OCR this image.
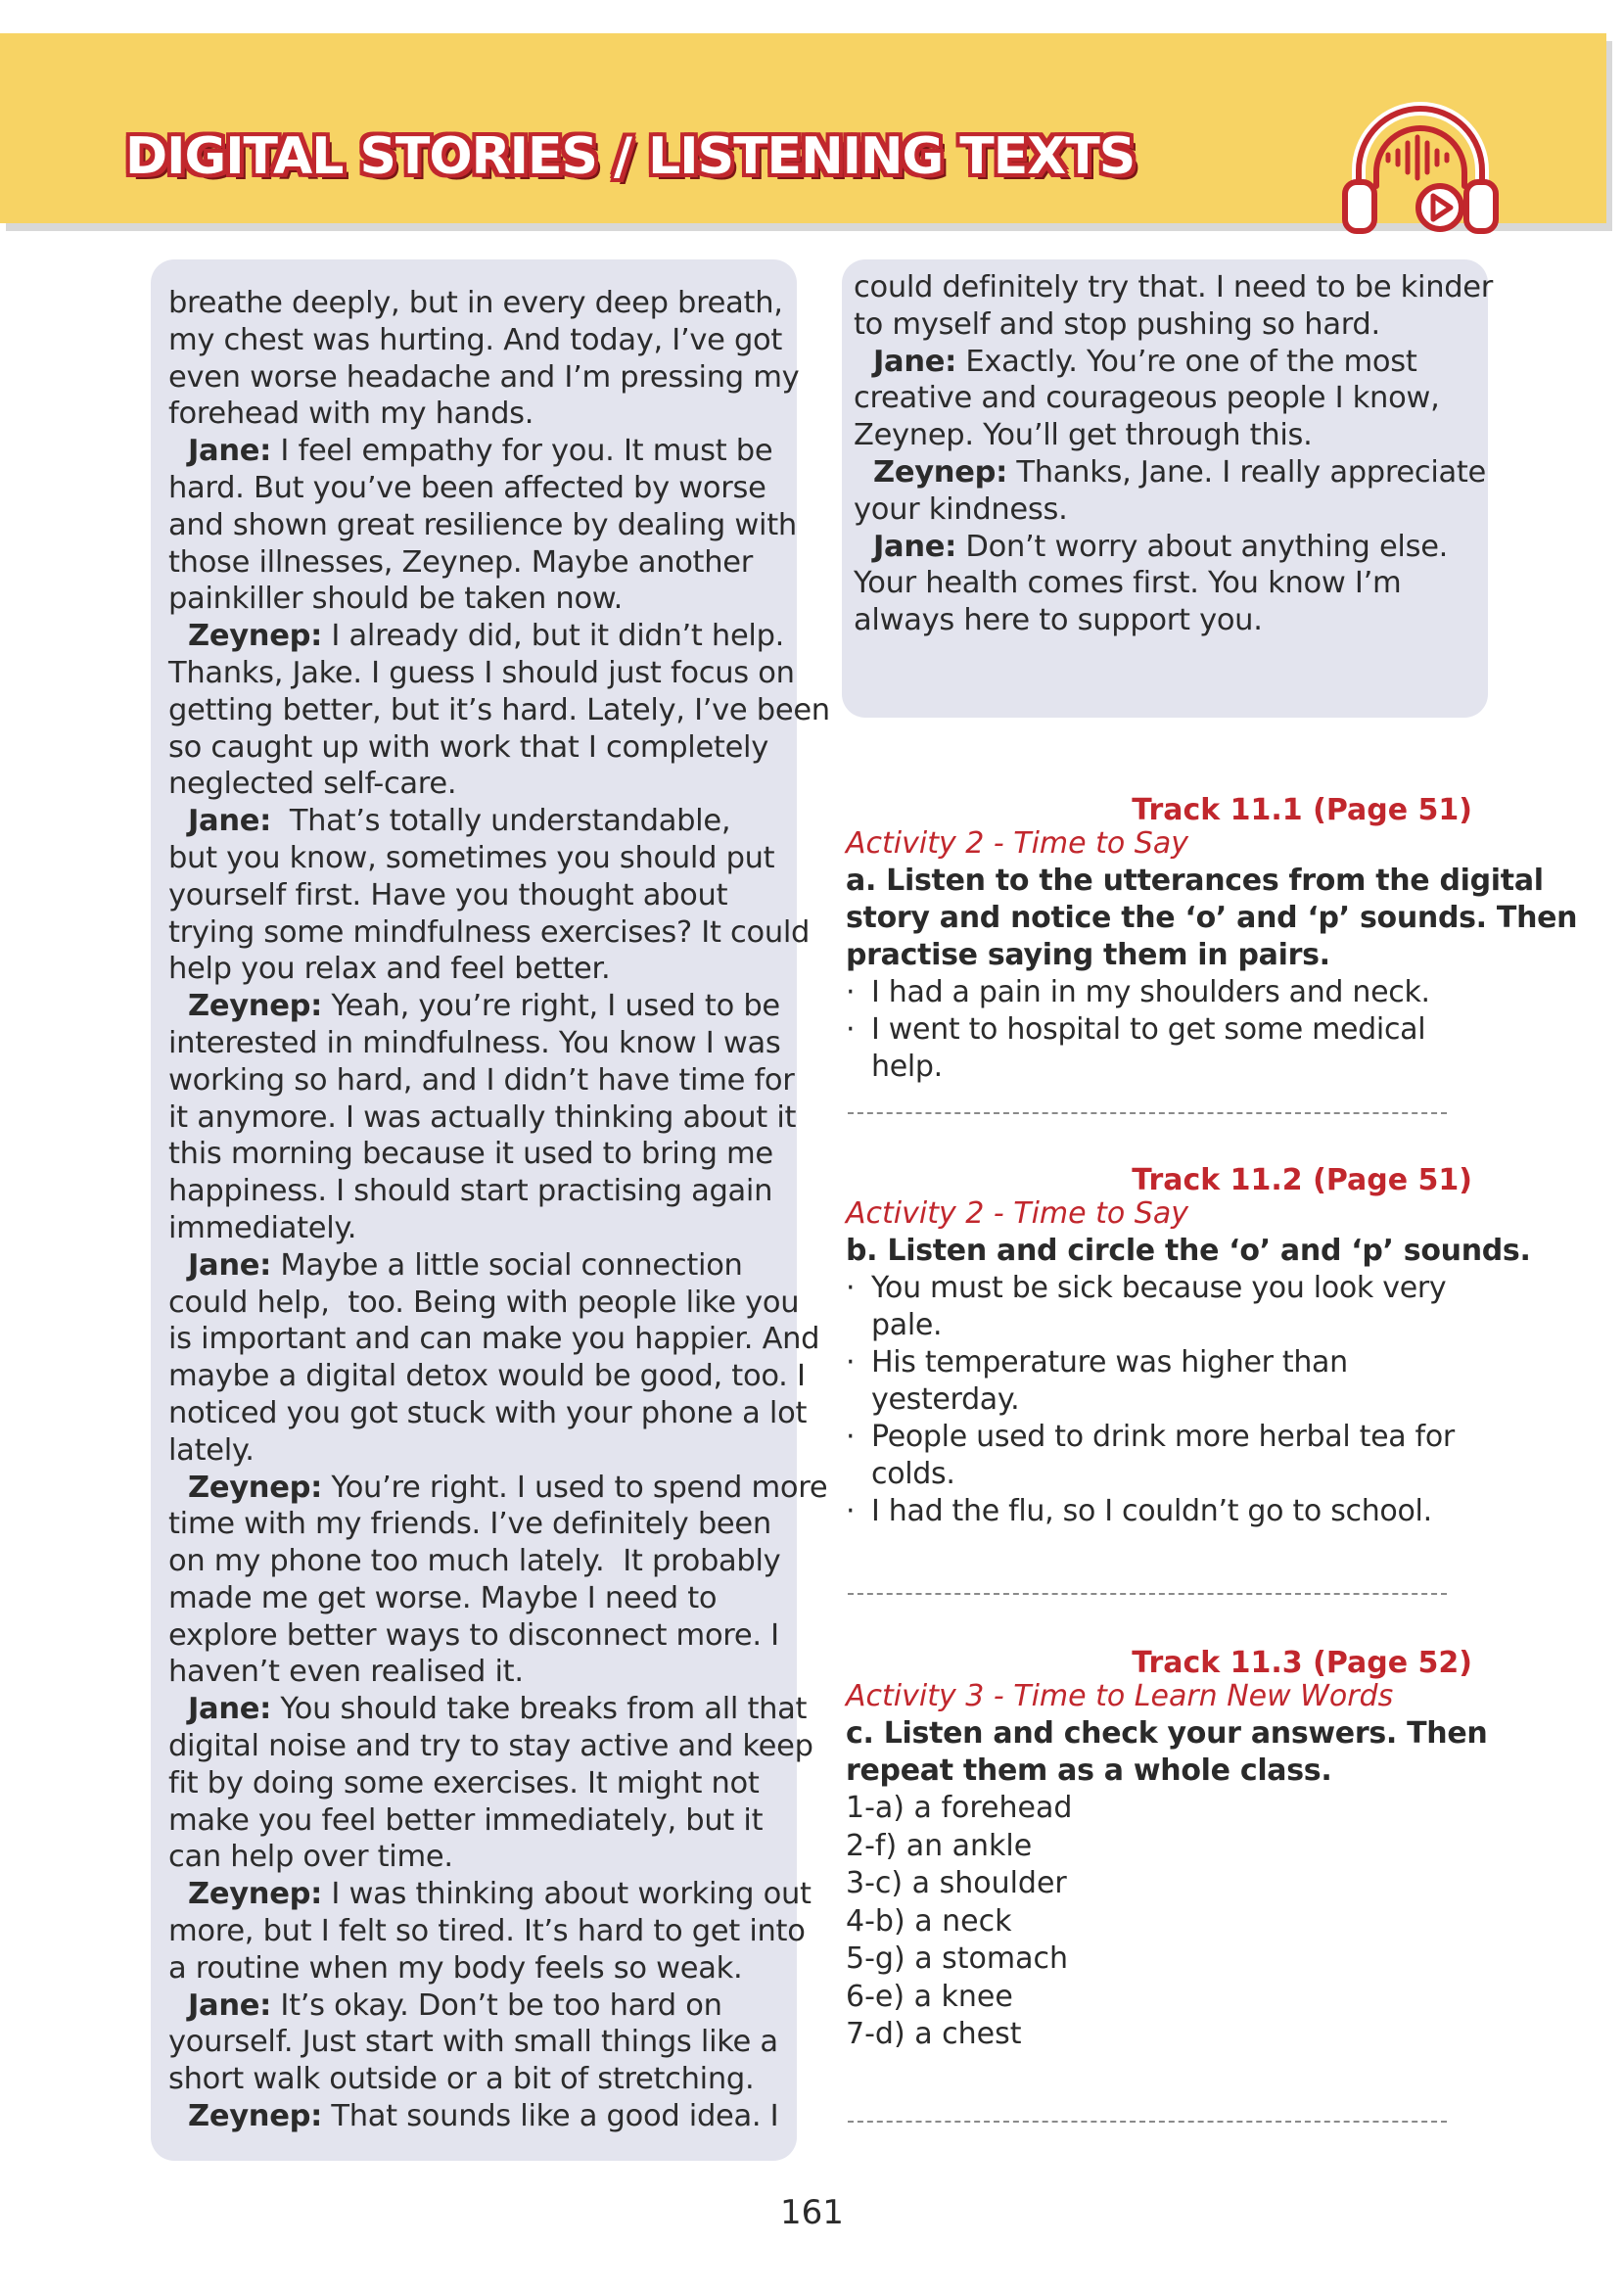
DIGITAL STORIES / LISTENING TEXTS
breathe deeply, but in every deep breath,
my chest was hurting. And today, I’ve got
even worse headache and I’m pressing my
forehead with my hands.
Jane: I feel empathy for you. It must be
hard. But you’ve been affected by worse
and shown great resilience by dealing with
those illnesses, Zeynep. Maybe another
painkiller should be taken now.
Zeynep: I already did, but it didn’t help.
Thanks, Jake. I guess I should just focus on
getting better, but it’s hard. Lately, I’ve been
so caught up with work that I completely
neglected self-care.
Jane:  That’s totally understandable,
but you know, sometimes you should put
yourself first. Have you thought about
trying some mindfulness exercises? It could
help you relax and feel better.
Zeynep: Yeah, you’re right, I used to be
interested in mindfulness. You know I was
working so hard, and I didn’t have time for
it anymore. I was actually thinking about it
this morning because it used to bring me
happiness. I should start practising again
immediately.
Jane: Maybe a little social connection
could help,  too. Being with people like you
is important and can make you happier. And
maybe a digital detox would be good, too. I
noticed you got stuck with your phone a lot
lately.
Zeynep: You’re right. I used to spend more
time with my friends. I’ve definitely been
on my phone too much lately.  It probably
made me get worse. Maybe I need to
explore better ways to disconnect more. I
haven’t even realised it.
Jane: You should take breaks from all that
digital noise and try to stay active and keep
fit by doing some exercises. It might not
make you feel better immediately, but it
can help over time.
Zeynep: I was thinking about working out
more, but I felt so tired. It’s hard to get into
a routine when my body feels so weak.
Jane: It’s okay. Don’t be too hard on
yourself. Just start with small things like a
short walk outside or a bit of stretching.
Zeynep: That sounds like a good idea. I
could definitely try that. I need to be kinder
to myself and stop pushing so hard.
Jane: Exactly. You’re one of the most
creative and courageous people I know,
Zeynep. You’ll get through this.
Zeynep: Thanks, Jane. I really appreciate
your kindness.
Jane: Don’t worry about anything else.
Your health comes first. You know I’m
always here to support you.
Track 11.1 (Page 51)
Activity 2 - Time to Say
a. Listen to the utterances from the digital
story and notice the ‘o’ and ‘p’ sounds. Then
practise saying them in pairs.
· I had a pain in my shoulders and neck.
· I went to hospital to get some medical
help.
Track 11.2 (Page 51)
Activity 2 - Time to Say
b. Listen and circle the ‘o’ and ‘p’ sounds.
· You must be sick because you look very
pale.
· His temperature was higher than
yesterday.
· People used to drink more herbal tea for
colds.
· I had the flu, so I couldn’t go to school.
Track 11.3 (Page 52)
Activity 3 - Time to Learn New Words
c. Listen and check your answers. Then
repeat them as a whole class.
1-a) a forehead
2-f) an ankle
3-c) a shoulder
4-b) a neck
5-g) a stomach
6-e) a knee
7-d) a chest
161
